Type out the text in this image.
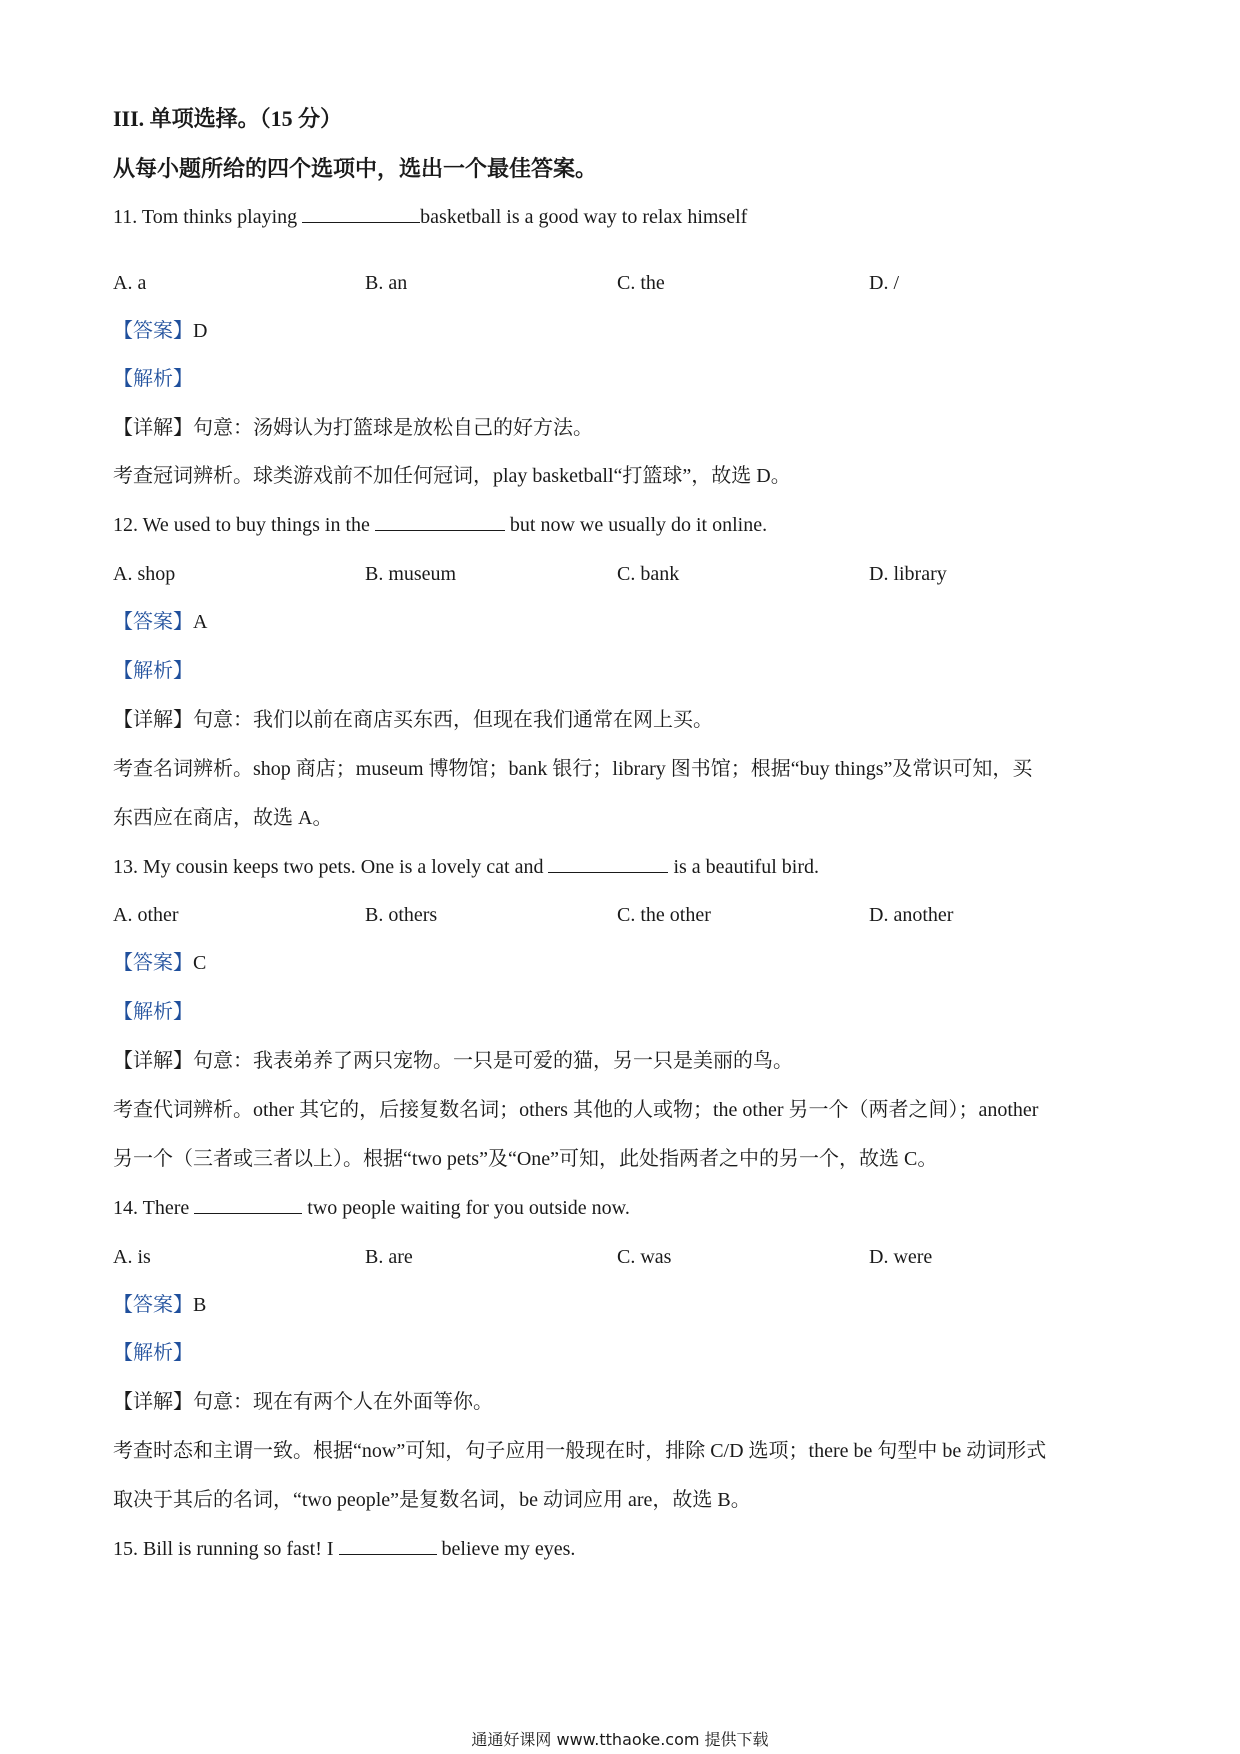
III. 单项选择。（15 分）
从每小题所给的四个选项中，选出一个最佳答案。
11. Tom thinks playing	basketball is a good way to relax himself
A. a	B. an	C. the	D. /
【答案】D
【解析】
【详解】句意：汤姆认为打篮球是放松自己的好方法。
考查冠词辨析。球类游戏前不加任何冠词，play basketball“打篮球”，故选 D。
12. We used to buy things in the	but now we usually do it online.
A. shop	B. museum	C. bank	D. library
【答案】A
【解析】
【详解】句意：我们以前在商店买东西，但现在我们通常在网上买。
考查名词辨析。shop 商店；museum 博物馆；bank 银行；library 图书馆；根据“buy things”及常识可知，买
东西应在商店，故选 A。
13. My cousin keeps two pets. One is a lovely cat and	is a beautiful bird.
A. other	B. others	C. the other	D. another
【答案】C
【解析】
【详解】句意：我表弟养了两只宠物。一只是可爱的猫，另一只是美丽的鸟。
考查代词辨析。other 其它的，后接复数名词；others 其他的人或物；the other 另一个（两者之间）；another
另一个（三者或三者以上）。根据“two pets”及“One”可知，此处指两者之中的另一个，故选 C。
14. There	two people waiting for you outside now.
A. is	B. are	C. was	D. were
【答案】B
【解析】
【详解】句意：现在有两个人在外面等你。
考查时态和主谓一致。根据“now”可知，句子应用一般现在时，排除 C/D 选项；there be 句型中 be 动词形式
取决于其后的名词，“two people”是复数名词，be 动词应用 are，故选 B。
15. Bill is running so fast! I	believe my eyes.
通通好课网 www.tthaoke.com 提供下载
